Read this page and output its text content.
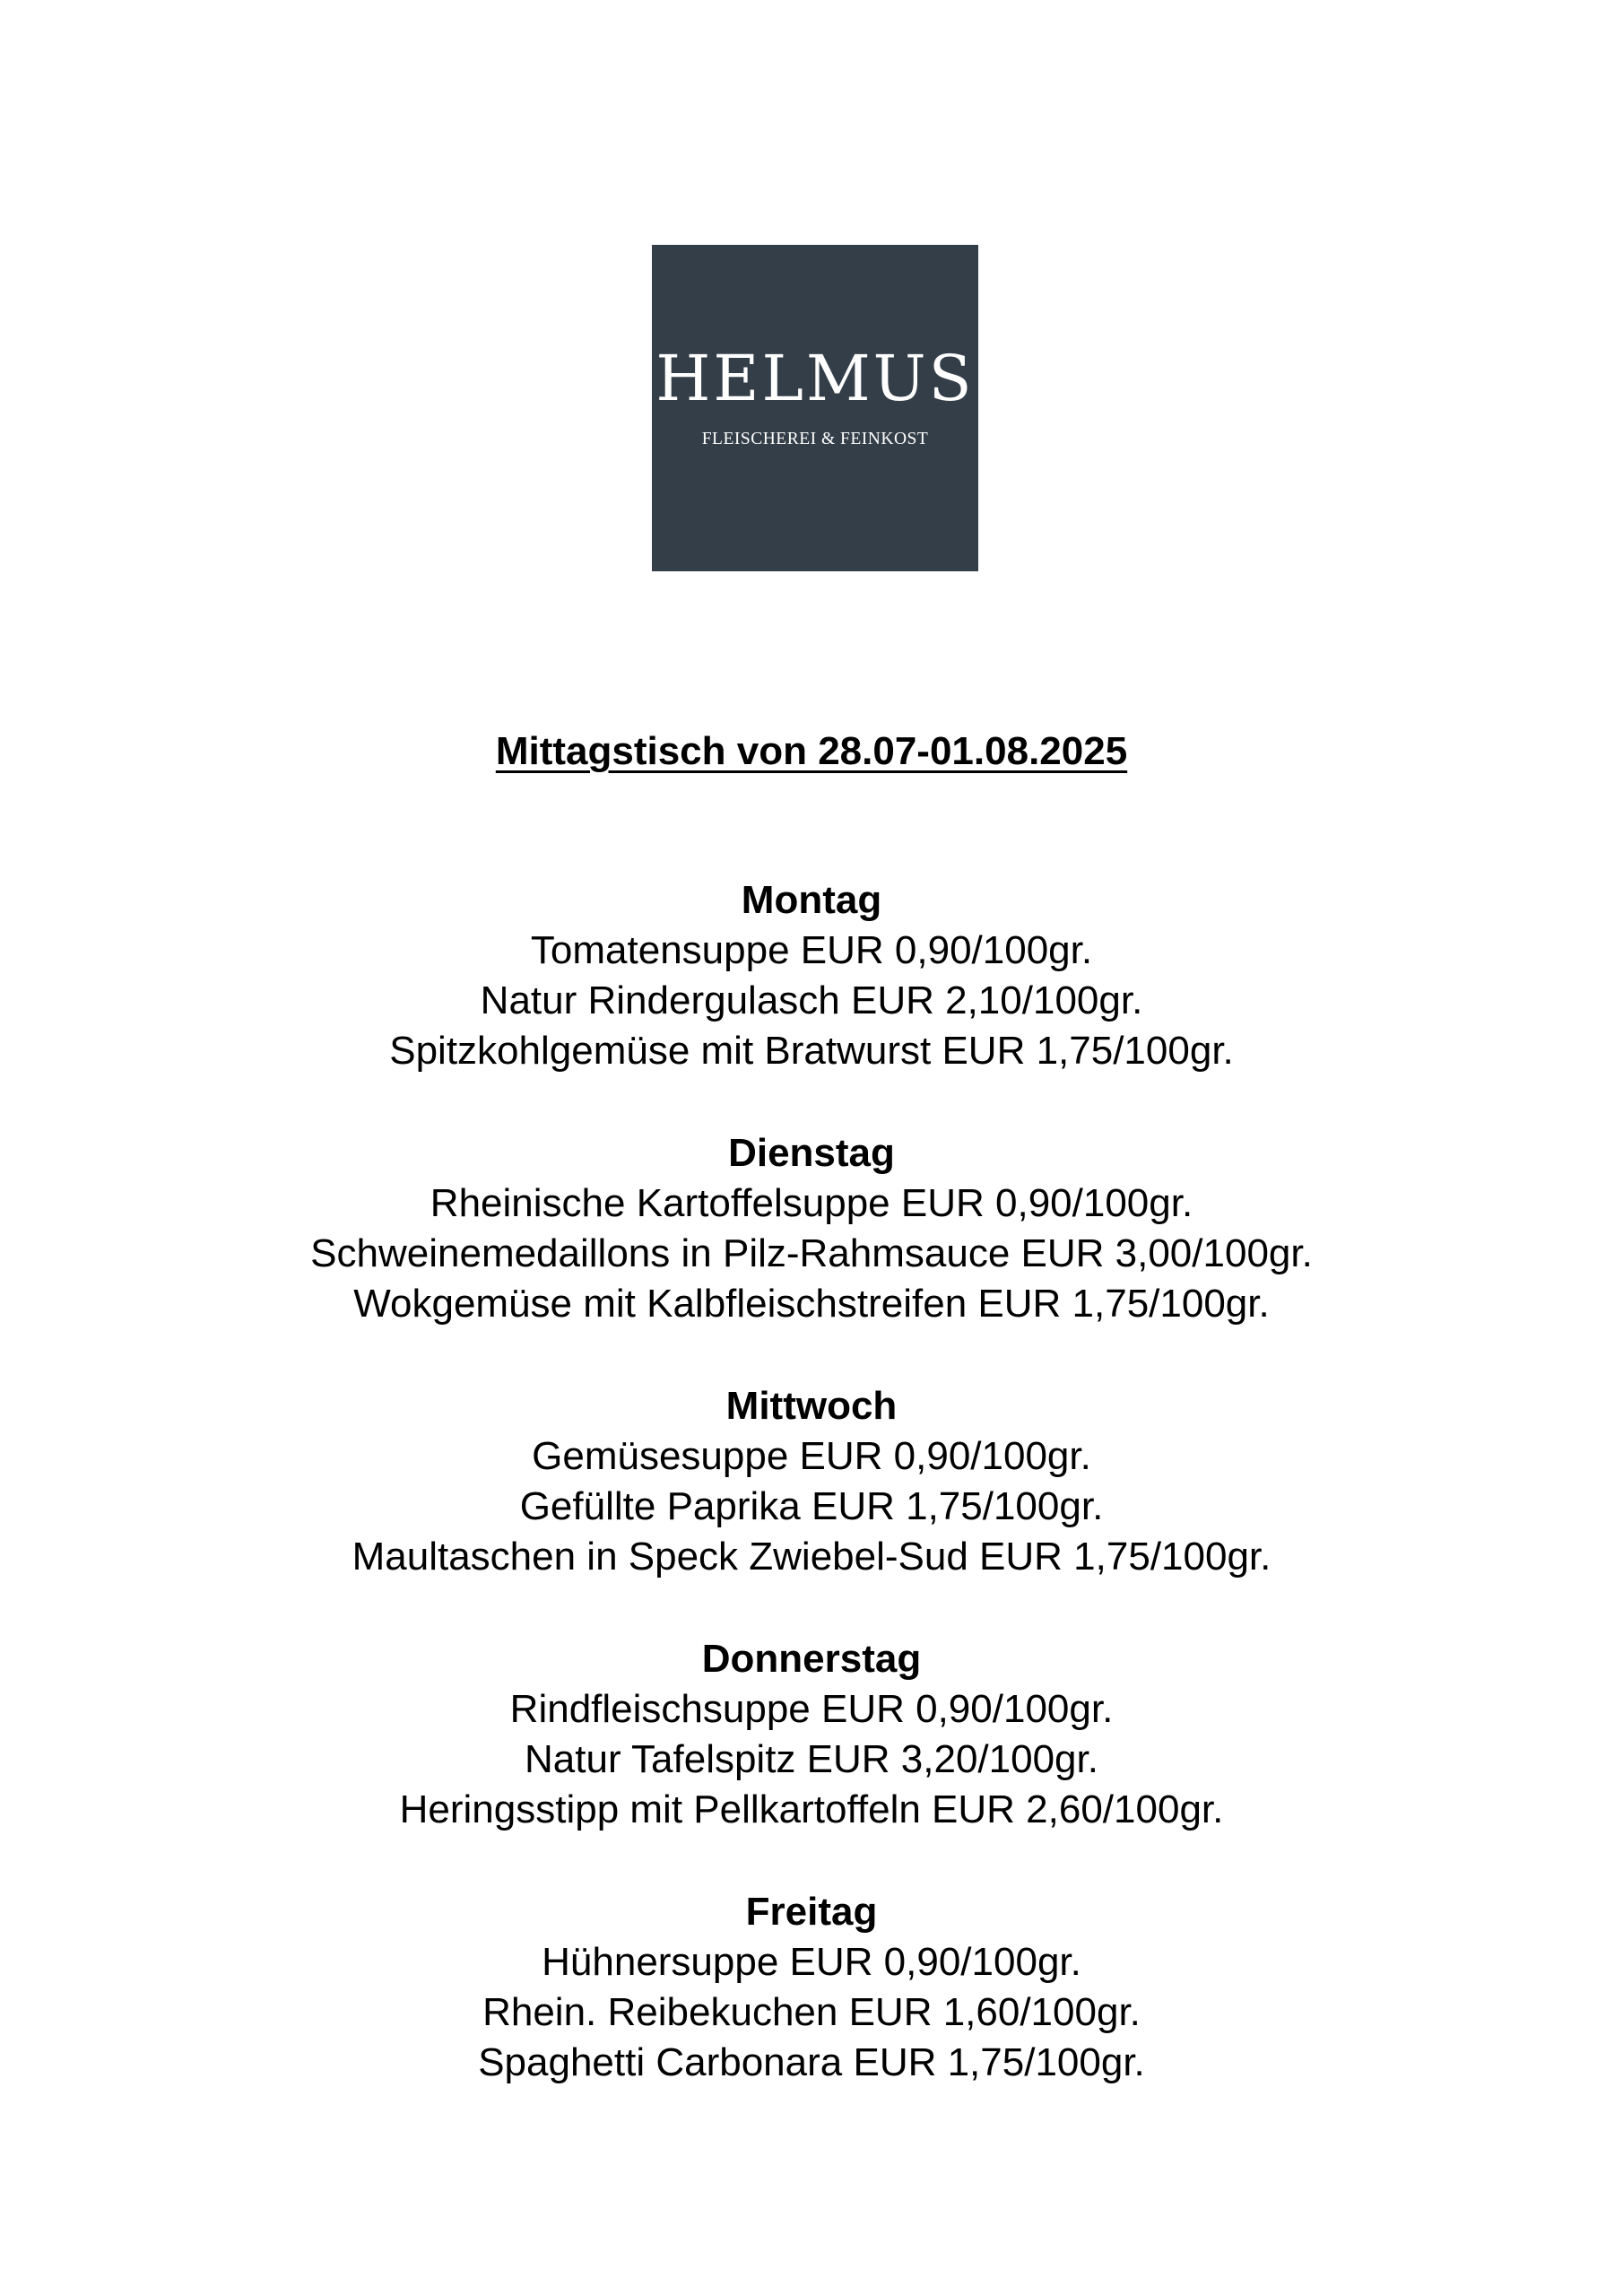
HELMUS
FLEISCHEREI & FEINKOST
Mittagstisch von 28.07-01.08.2025
Montag
Tomatensuppe EUR 0,90/100gr.
Natur Rindergulasch EUR 2,10/100gr.
Spitzkohlgemüse mit Bratwurst EUR 1,75/100gr.
Dienstag
Rheinische Kartoffelsuppe EUR 0,90/100gr.
Schweinemedaillons in Pilz-Rahmsauce EUR 3,00/100gr.
Wokgemüse mit Kalbfleischstreifen EUR 1,75/100gr.
Mittwoch
Gemüsesuppe EUR 0,90/100gr.
Gefüllte Paprika EUR 1,75/100gr.
Maultaschen in Speck Zwiebel-Sud EUR 1,75/100gr.
Donnerstag
Rindfleischsuppe EUR 0,90/100gr.
Natur Tafelspitz EUR 3,20/100gr.
Heringsstipp mit Pellkartoffeln EUR 2,60/100gr.
Freitag
Hühnersuppe EUR 0,90/100gr.
Rhein. Reibekuchen EUR 1,60/100gr.
Spaghetti Carbonara EUR 1,75/100gr.
